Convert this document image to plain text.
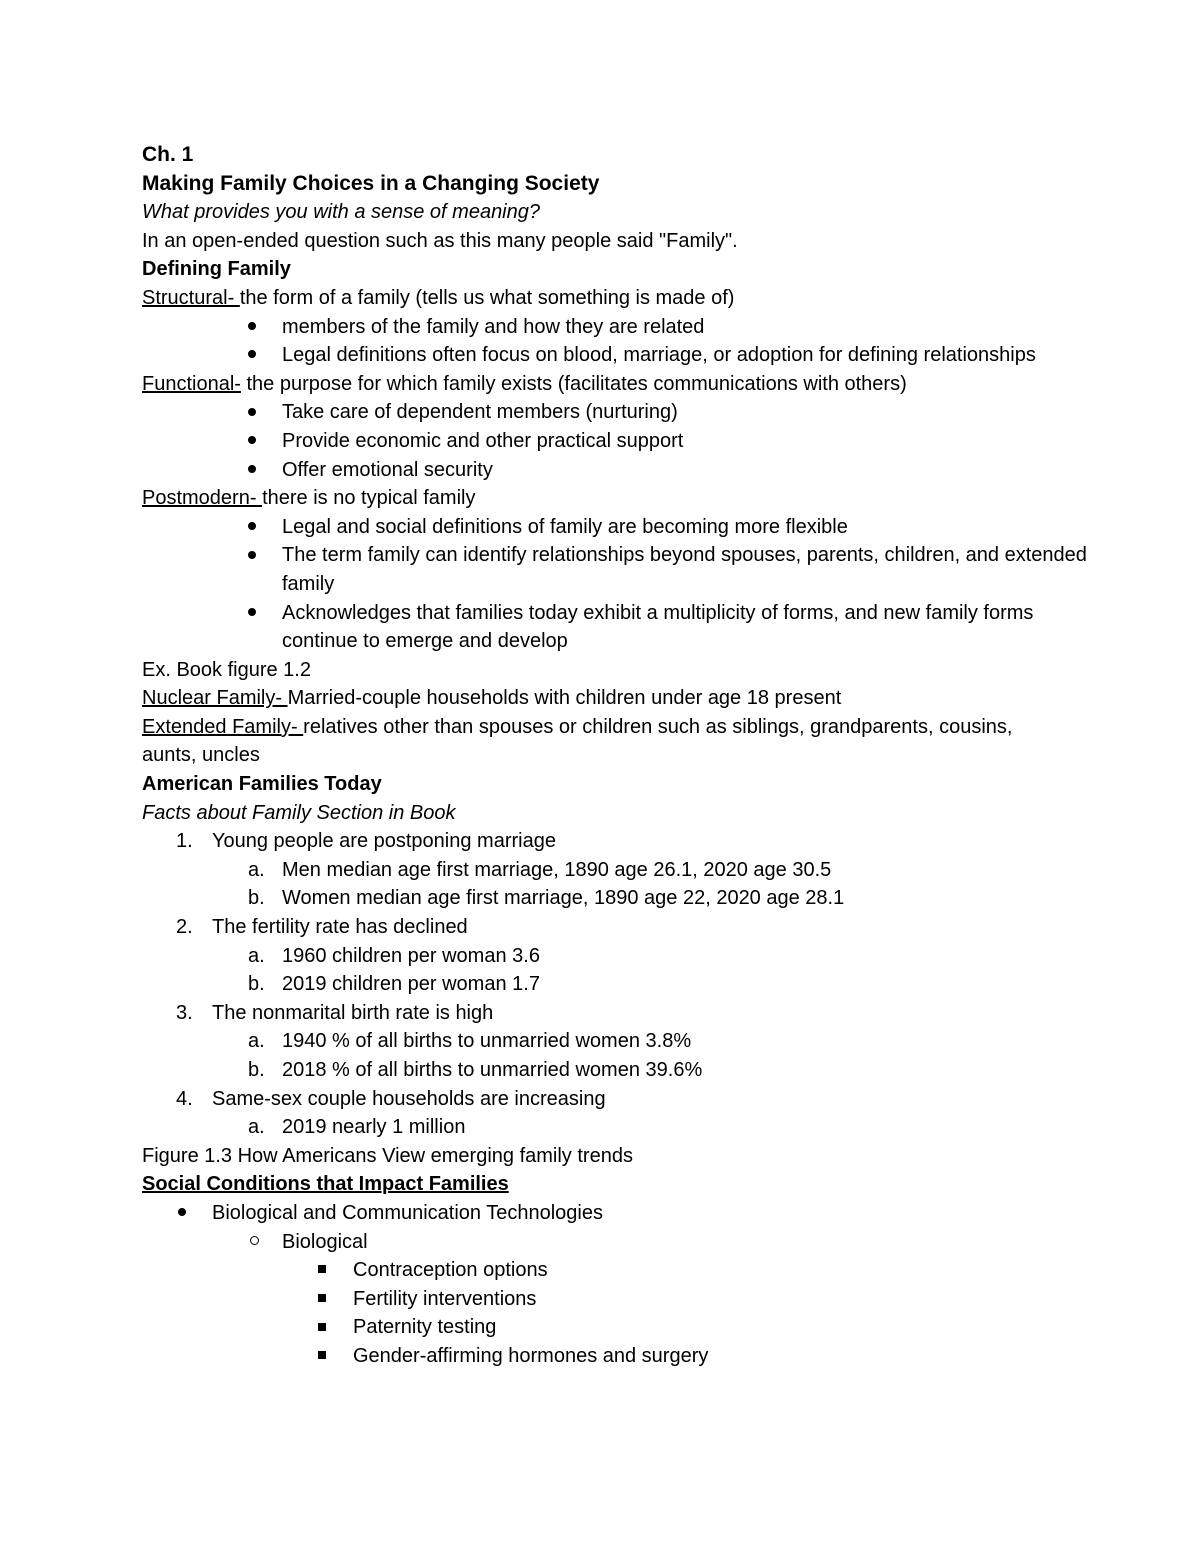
Ch. 1
Making Family Choices in a Changing Society
What provides you with a sense of meaning?
In an open-ended question such as this many people said "Family".
Defining Family
Structural- the form of a family (tells us what something is made of)
members of the family and how they are related
Legal definitions often focus on blood, marriage, or adoption for defining relationships
Functional- the purpose for which family exists (facilitates communications with others)
Take care of dependent members (nurturing)
Provide economic and other practical support
Offer emotional security
Postmodern- there is no typical family
Legal and social definitions of family are becoming more flexible
The term family can identify relationships beyond spouses, parents, children, and extended family
Acknowledges that families today exhibit a multiplicity of forms, and new family forms continue to emerge and develop
Ex. Book figure 1.2
Nuclear Family- Married-couple households with children under age 18 present
Extended Family- relatives other than spouses or children such as siblings, grandparents, cousins, aunts, uncles
American Families Today
Facts about Family Section in Book
1. Young people are postponing marriage
a. Men median age first marriage, 1890 age 26.1, 2020 age 30.5
b. Women median age first marriage, 1890 age 22, 2020 age 28.1
2. The fertility rate has declined
a. 1960 children per woman 3.6
b. 2019 children per woman 1.7
3. The nonmarital birth rate is high
a. 1940 % of all births to unmarried women 3.8%
b. 2018 % of all births to unmarried women 39.6%
4. Same-sex couple households are increasing
a. 2019 nearly 1 million
Figure 1.3 How Americans View emerging family trends
Social Conditions that Impact Families
Biological and Communication Technologies
Biological
Contraception options
Fertility interventions
Paternity testing
Gender-affirming hormones and surgery
